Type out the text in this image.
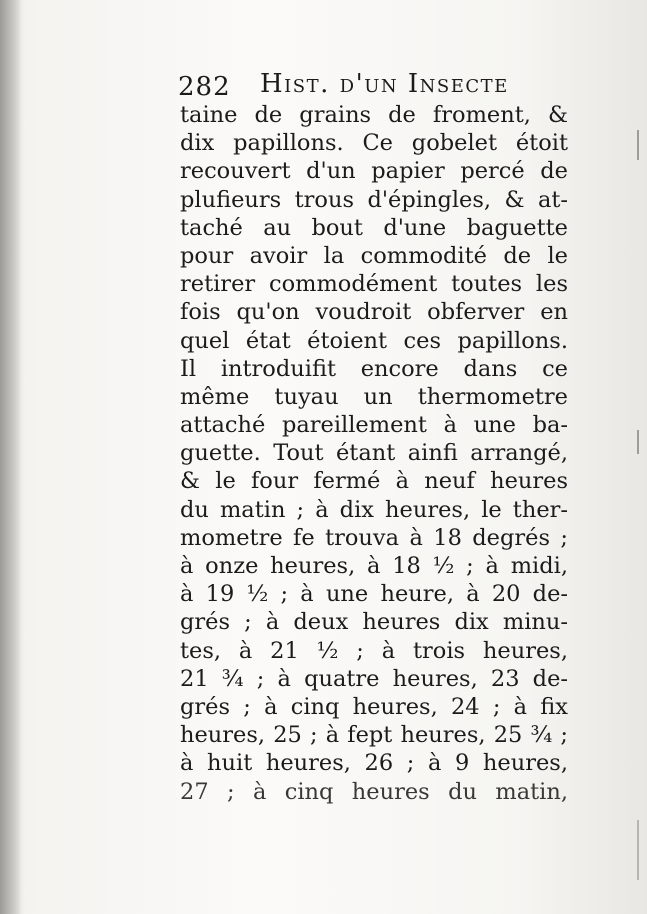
282 Hist. d'un Insecte
taine de grains de froment, &
dix papillons. Ce gobelet étoit
recouvert d'un papier percé de
plufieurs trous d'épingles, & at-
taché au bout d'une baguette
pour avoir la commodité de le
retirer commodément toutes les
fois qu'on voudroit obferver en
quel état étoient ces papillons.
Il introduifit encore dans ce
même tuyau un thermometre
attaché pareillement à une ba-
guette. Tout étant ainfi arrangé,
& le four fermé à neuf heures
du matin ; à dix heures, le ther-
mometre fe trouva à 18 degrés ;
à onze heures, à 18 ½ ; à midi,
à 19 ½ ; à une heure, à 20 de-
grés ; à deux heures dix minu-
tes, à 21 ½ ; à trois heures,
21 ¾ ; à quatre heures, 23 de-
grés ; à cinq heures, 24 ; à fix
heures, 25 ; à fept heures, 25 ¾ ;
à huit heures, 26 ; à 9 heures,
27 ; à cinq heures du matin,
